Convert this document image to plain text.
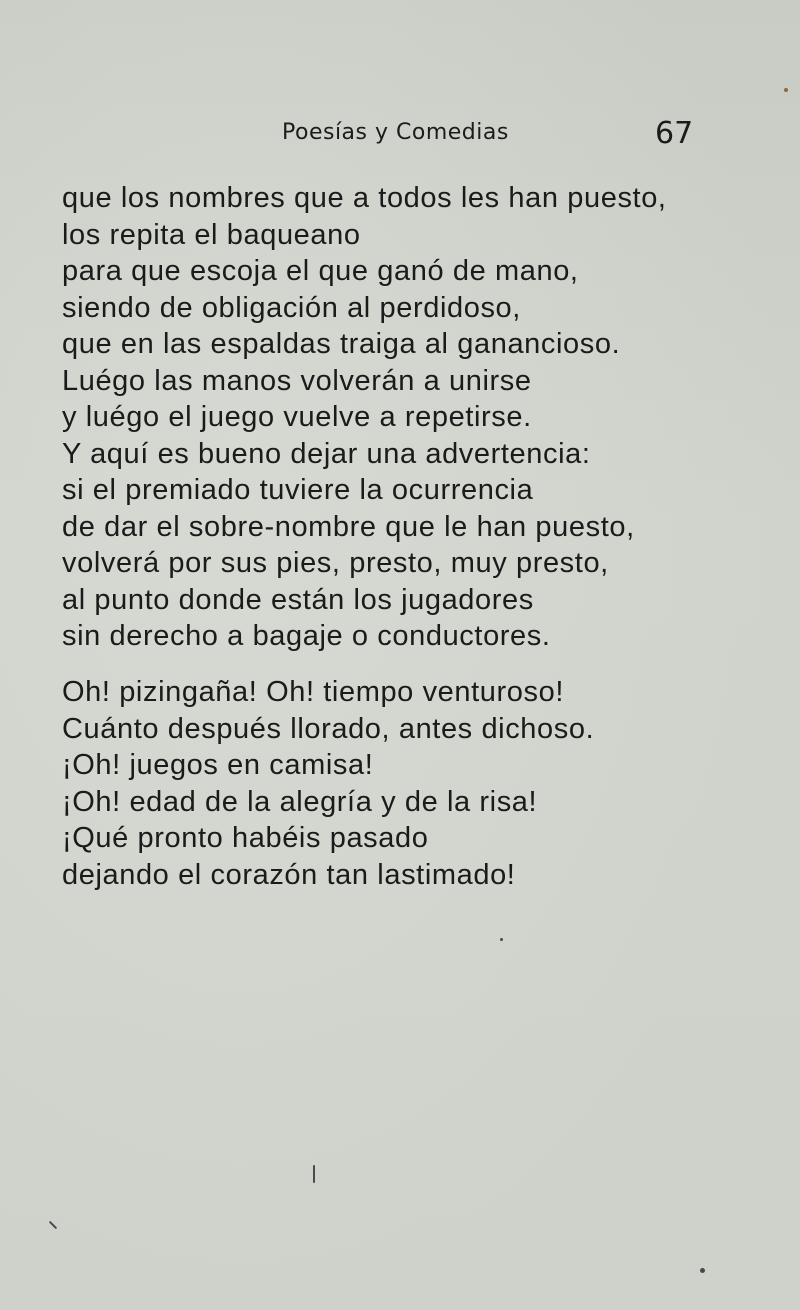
Poesías y Comedias	67
que los nombres que a todos les han puesto,
los repita el baqueano
para que escoja el que ganó de mano,
siendo de obligación al perdidoso,
que en las espaldas traiga al ganancioso.
Luégo las manos volverán a unirse
y luégo el juego vuelve a repetirse.
Y aquí es bueno dejar una advertencia:
si el premiado tuviere la ocurrencia
de dar el sobre-nombre que le han puesto,
volverá por sus pies, presto, muy presto,
al punto donde están los jugadores
sin derecho a bagaje o conductores.
Oh! pizingaña! Oh! tiempo venturoso!
Cuánto después llorado, antes dichoso.
¡Oh! juegos en camisa!
¡Oh! edad de la alegría y de la risa!
¡Qué pronto habéis pasado
dejando el corazón tan lastimado!
